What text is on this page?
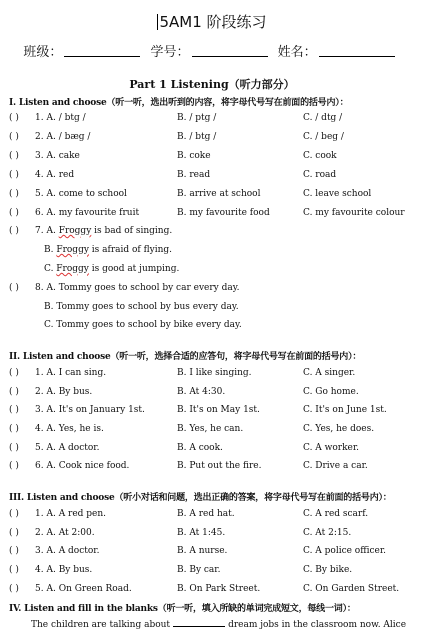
5AM1 阶段练习
班级：	学号：	姓名：
Part 1 Listening（听力部分）
I. Listen and choose（听一听，选出听到的内容，将字母代号写在前面的括号内）：
( ) 1. A. / btg /	B. / ptg /	C. / dtg /
( ) 2. A. / bæg /	B. / btg /	C. / beg /
( ) 3. A. cake	B. coke	C. cook
( ) 4. A. red	B. read	C. road
( ) 5. A. come to school	B. arrive at school	C. leave school
( ) 6. A. my favourite fruit	B. my favourite food	C. my favourite colour
( ) 7. A. Froggy is bad of singing.
B. Froggy is afraid of flying.
C. Froggy is good at jumping.
( ) 8. A. Tommy goes to school by car every day.
B. Tommy goes to school by bus every day.
C. Tommy goes to school by bike every day.
II. Listen and choose（听一听，选择合适的应答句，将字母代号写在前面的括号内）：
( ) 1. A. I can sing.	B. I like singing.	C. A singer.
( ) 2. A. By bus.	B. At 4:30.	C. Go home.
( ) 3. A. It's on January 1st.	B. It's on May 1st.	C. It's on June 1st.
( ) 4. A. Yes, he is.	B. Yes, he can.	C. Yes, he does.
( ) 5. A. A doctor.	B. A cook.	C. A worker.
( ) 6. A. Cook nice food.	B. Put out the fire.	C. Drive a car.
III. Listen and choose（听小对话和问题，选出正确的答案，将字母代号写在前面的括号内）：
( ) 1. A. A red pen.	B. A red hat.	C. A red scarf.
( ) 2. A. At 2:00.	B. At 1:45.	C. At 2:15.
( ) 3. A. A doctor.	B. A nurse.	C. A police officer.
( ) 4. A. By bus.	B. By car.	C. By bike.
( ) 5. A. On Green Road.	B. On Park Street.	C. On Garden Street.
IV. Listen and fill in the blanks（听一听，填入所缺的单词完成短文，每线一词）：
The children are talking about	dream jobs in the classroom now. Alice
